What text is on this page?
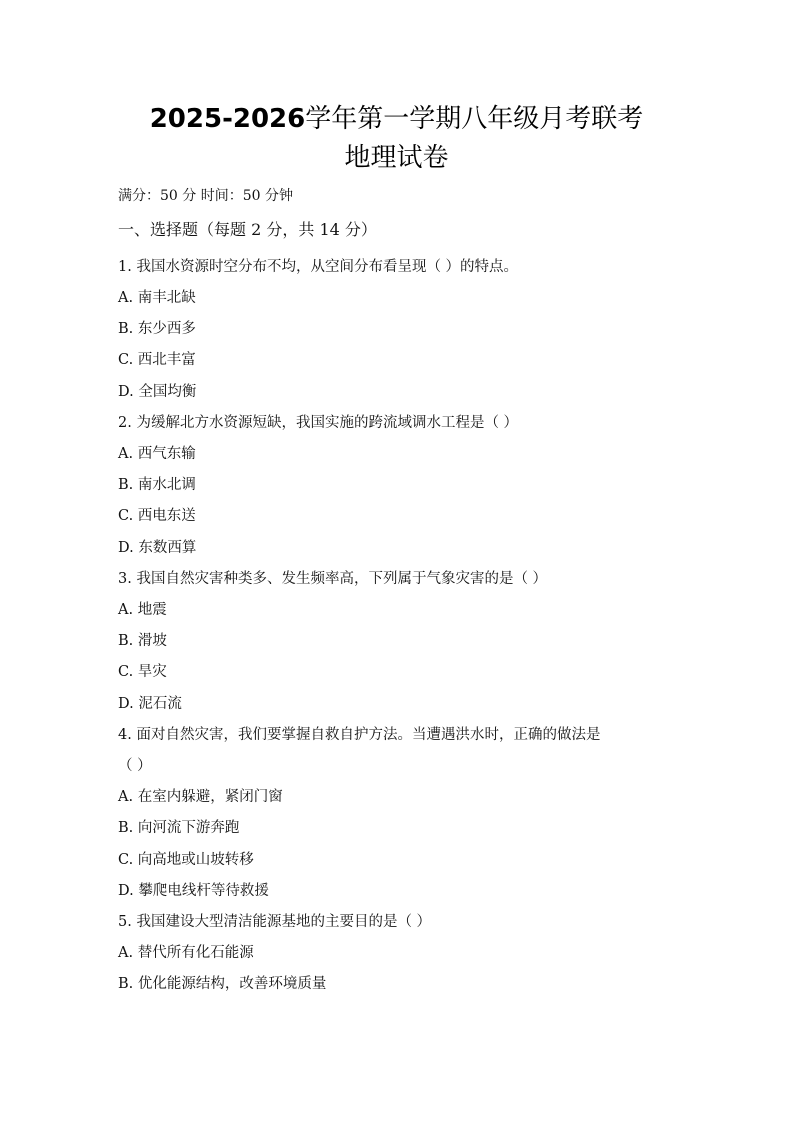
2025-2026学年第一学期八年级月考联考
地理试卷
满分：50 分 时间：50 分钟
一、选择题（每题 2 分，共 14 分）
1. 我国水资源时空分布不均，从空间分布看呈现（ ）的特点。
A. 南丰北缺
B. 东少西多
C. 西北丰富
D. 全国均衡
2. 为缓解北方水资源短缺，我国实施的跨流域调水工程是（ ）
A. 西气东输
B. 南水北调
C. 西电东送
D. 东数西算
3. 我国自然灾害种类多、发生频率高，下列属于气象灾害的是（ ）
A. 地震
B. 滑坡
C. 旱灾
D. 泥石流
4. 面对自然灾害，我们要掌握自救自护方法。当遭遇洪水时，正确的做法是
（ ）
A. 在室内躲避，紧闭门窗
B. 向河流下游奔跑
C. 向高地或山坡转移
D. 攀爬电线杆等待救援
5. 我国建设大型清洁能源基地的主要目的是（ ）
A. 替代所有化石能源
B. 优化能源结构，改善环境质量
